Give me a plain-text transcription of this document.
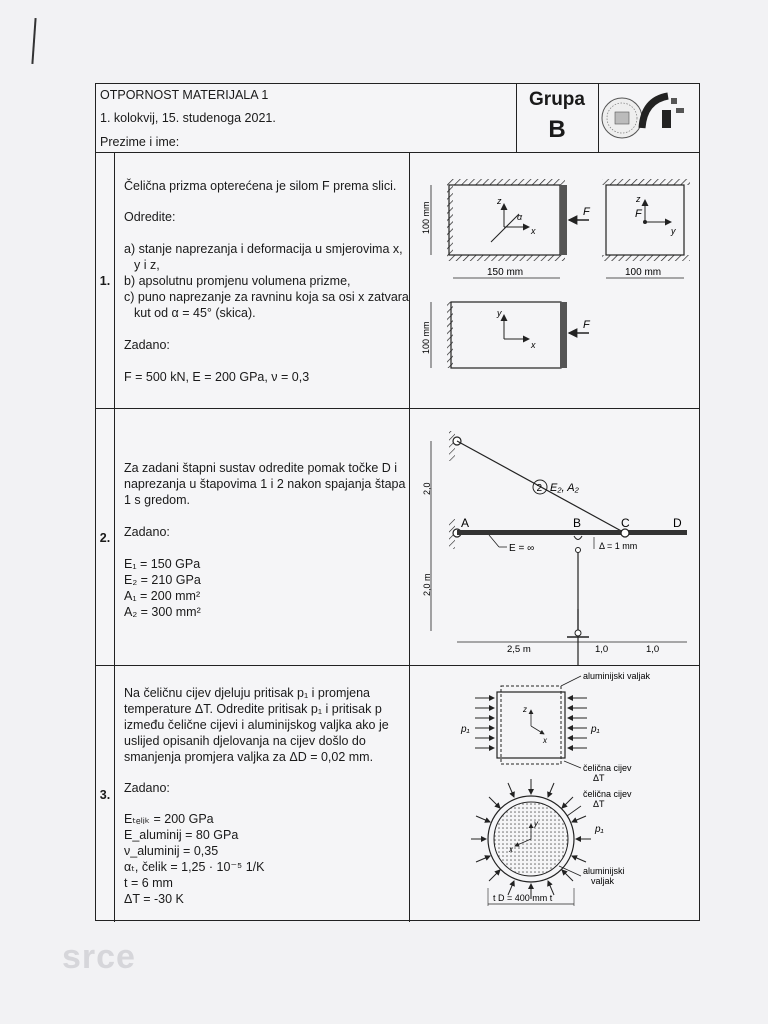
OTPORNOST MATERIJALA 1
1. kolokvij, 15. studenoga 2021.
Prezime i ime:
Grupa
B
1.
Čelična prizma opterećena je silom F prema slici.
Odredite:
a) stanje naprezanja i deformacija u smjerovima x,
y i z,
b) apsolutnu promjenu volumena prizme,
c) puno naprezanje za ravninu koja sa osi x zatvara
kut od α = 45° (skica).
Zadano:
F = 500 kN, E = 200 GPa, ν = 0,3
F
z
x
α
100 mm
150 mm
z
F
y
100 mm
F
y
x
100 mm
2.
Za zadani štapni sustav odredite pomak točke D i
naprezanja u štapovima 1 i 2 nakon spajanja štapa
1 s gredom.
Zadano:
E₁ = 150 GPa
E₂ = 210 GPa
A₁ = 200 mm²
A₂ = 300 mm²
2 E₂, A₂
A	B	C	D
E = ∞	Δ = 1 mm
2,0
2,0 m
2,5 m	1,0	1,0
3.
Na čeličnu cijev djeluju pritisak p₁ i promjena
temperature ΔT. Odredite pritisak p₁ i pritisak p
između čelične cijevi i aluminijskog valjka ako je
uslijed opisanih djelovanja na cijev došlo do
smanjenja promjera valjka za ΔD = 0,02 mm.
Zadano:
Eₜₑₗᵢₖ = 200 GPa
E_aluminij = 80 GPa
ν_aluminij = 0,35
αₜ, čelik = 1,25 · 10⁻⁵ 1/K
t = 6 mm
ΔT = -30 K
p₁	p₁
z
x
aluminijski valjak
čelična cijev
ΔT
y
x
čelična cijev
ΔT
p₁
aluminijski
valjak
t D = 400 mm t
srce
